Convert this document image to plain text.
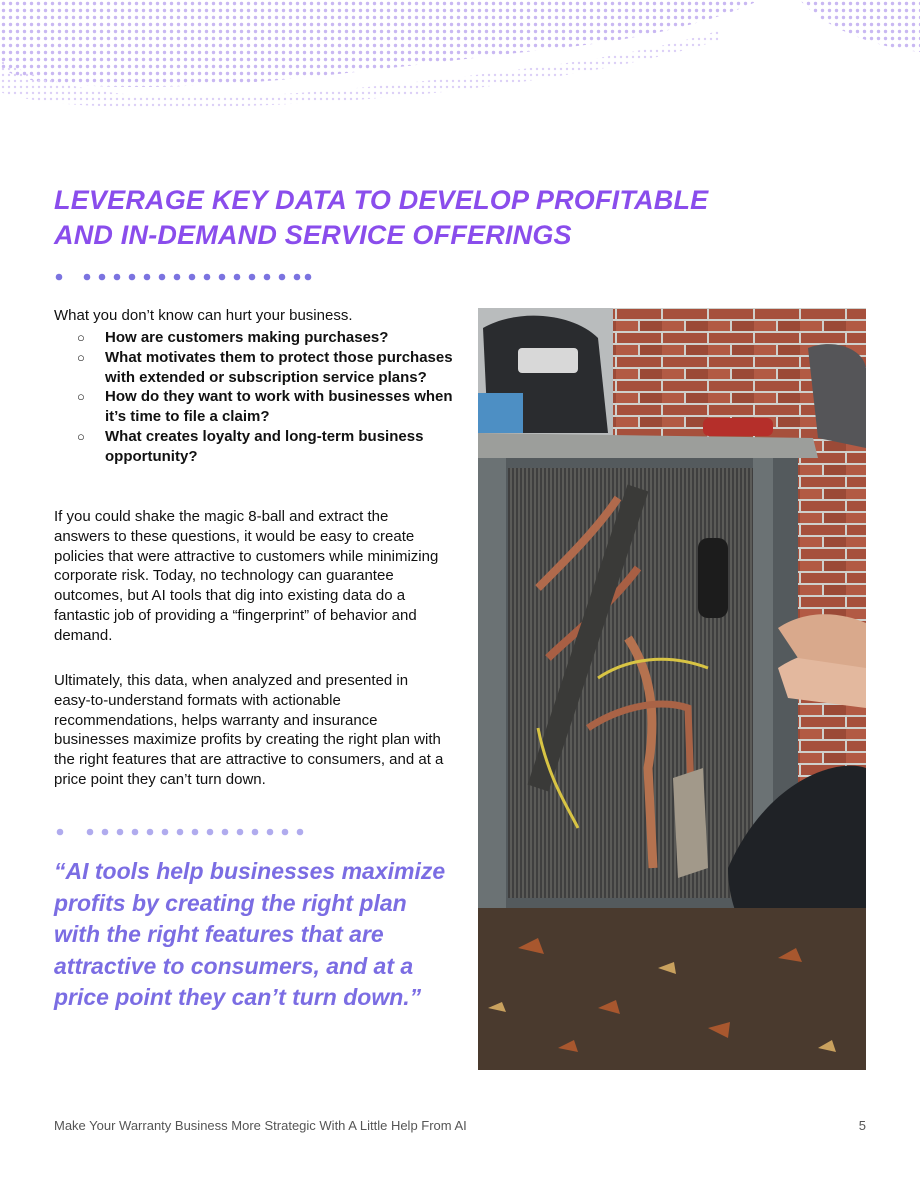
LEVERAGE KEY DATA TO DEVELOP PROFITABLE
AND IN-DEMAND SERVICE OFFERINGS

What you don’t know can hurt your business.

○ How are customers making purchases?
○ What motivates them to protect those purchases with extended or subscription service plans?
○ How do they want to work with businesses when it’s time to file a claim?
○ What creates loyalty and long-term business opportunity?

If you could shake the magic 8-ball and extract the answers to these questions, it would be easy to create policies that were attractive to customers while minimizing corporate risk. Today, no technology can guarantee outcomes, but AI tools that dig into existing data do a fantastic job of providing a “fingerprint” of behavior and demand.

Ultimately, this data, when analyzed and presented in easy-to-understand formats with actionable recommendations, helps warranty and insurance businesses maximize profits by creating the right plan with the right features that are attractive to consumers, and at a price point they can’t turn down.

“AI tools help businesses maximize profits by creating the right plan with the right features that are attractive to consumers, and at a price point they can’t turn down.”

Make Your Warranty Business More Strategic With A Little Help From AI	5
